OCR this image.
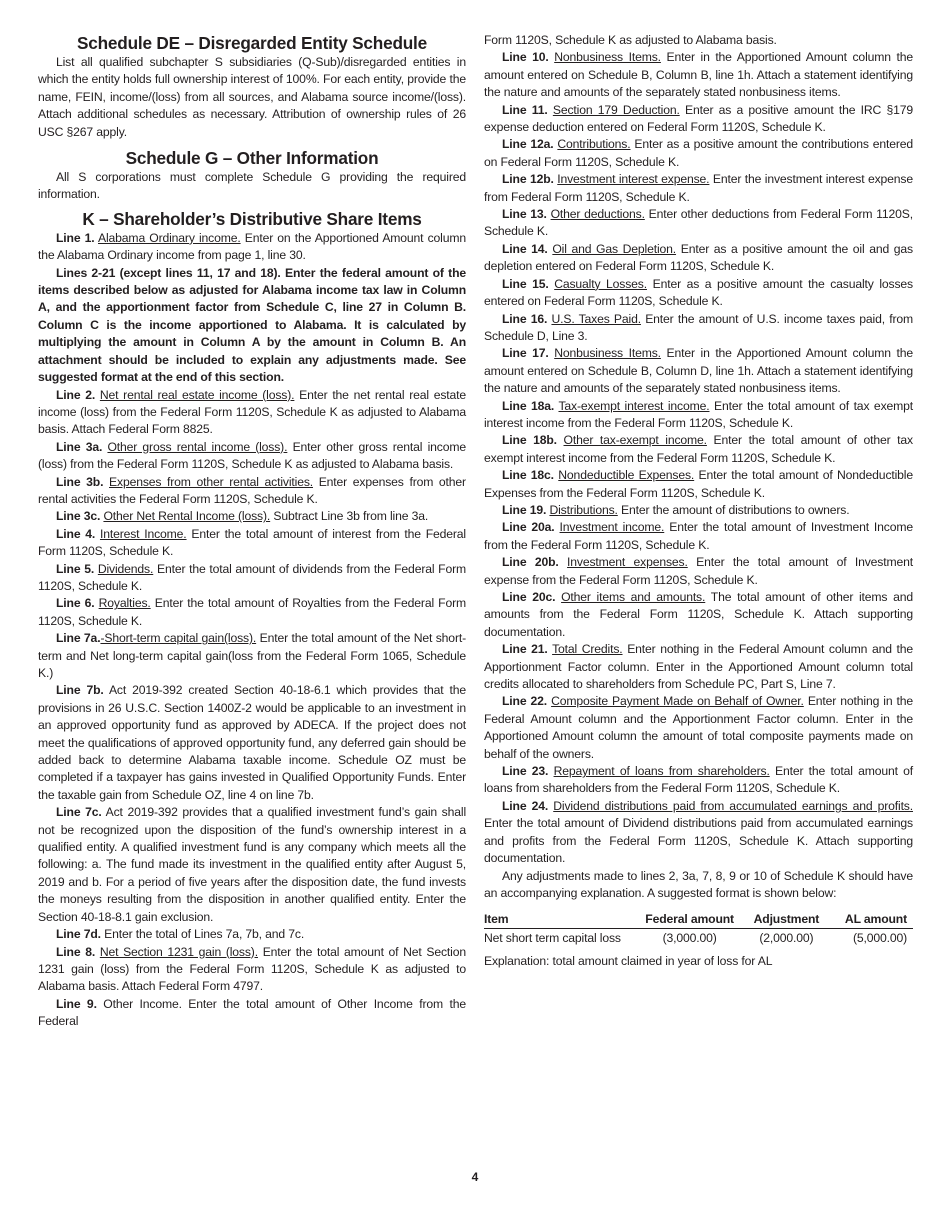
Schedule DE – Disregarded Entity Schedule

List all qualified subchapter S subsidiaries (Q-Sub)/disregarded entities in which the entity holds full ownership interest of 100%. For each entity, provide the name, FEIN, income/(loss) from all sources, and Alabama source income/(loss). Attach additional schedules as necessary. Attribution of ownership rules of 26 USC §267 apply.

Schedule G – Other Information

All S corporations must complete Schedule G providing the required information.

K – Shareholder’s Distributive Share Items

Line 1. Alabama Ordinary income. Enter on the Apportioned Amount column the Alabama Ordinary income from page 1, line 30.

Lines 2-21 (except lines 11, 17 and 18). Enter the federal amount of the items described below as adjusted for Alabama income tax law in Column A, and the apportionment factor from Schedule C, line 27 in Column B. Column C is the income apportioned to Alabama. It is calculated by multiplying the amount in Column A by the amount in Column B. An attachment should be included to explain any adjustments made. See suggested format at the end of this section.

Line 2. Net rental real estate income (loss). Enter the net rental real estate income (loss) from the Federal Form 1120S, Schedule K as adjusted to Alabama basis. Attach Federal Form 8825.

Line 3a. Other gross rental income (loss). Enter other gross rental income (loss) from the Federal Form 1120S, Schedule K as adjusted to Alabama basis.

Line 3b. Expenses from other rental activities. Enter expenses from other rental activities the Federal Form 1120S, Schedule K.

Line 3c. Other Net Rental Income (loss). Subtract Line 3b from line 3a.

Line 4. Interest Income. Enter the total amount of interest from the Federal Form 1120S, Schedule K.

Line 5. Dividends. Enter the total amount of dividends from the Federal Form 1120S, Schedule K.

Line 6. Royalties. Enter the total amount of Royalties from the Federal Form 1120S, Schedule K.

Line 7a.-Short-term capital gain(loss). Enter the total amount of the Net short-term and Net long-term capital gain(loss from the Federal Form 1065, Schedule K.)

Line 7b. Act 2019-392 created Section 40-18-6.1 which provides that the provisions in 26 U.S.C. Section 1400Z-2 would be applicable to an investment in an approved opportunity fund as approved by ADECA. If the project does not meet the qualifications of approved opportunity fund, any deferred gain should be added back to determine Alabama taxable income. Schedule OZ must be completed if a taxpayer has gains invested in Qualified Opportunity Funds. Enter the taxable gain from Schedule OZ, line 4 on line 7b.

Line 7c. Act 2019-392 provides that a qualified investment fund’s gain shall not be recognized upon the disposition of the fund’s ownership interest in a qualified entity. A qualified investment fund is any company which meets all the following: a. The fund made its investment in the qualified entity after August 5, 2019 and b. For a period of five years after the disposition date, the fund invests the moneys resulting from the disposition in another qualified entity. Enter the Section 40-18-8.1 gain exclusion.

Line 7d. Enter the total of Lines 7a, 7b, and 7c.

Line 8. Net Section 1231 gain (loss). Enter the total amount of Net Section 1231 gain (loss) from the Federal Form 1120S, Schedule K as adjusted to Alabama basis. Attach Federal Form 4797.

Line 9. Other Income. Enter the total amount of Other Income from the Federal

Form 1120S, Schedule K as adjusted to Alabama basis.

Line 10. Nonbusiness Items. Enter in the Apportioned Amount column the amount entered on Schedule B, Column B, line 1h. Attach a statement identifying the nature and amounts of the separately stated nonbusiness items.

Line 11. Section 179 Deduction. Enter as a positive amount the IRC §179 expense deduction entered on Federal Form 1120S, Schedule K.

Line 12a. Contributions. Enter as a positive amount the contributions entered on Federal Form 1120S, Schedule K.

Line 12b. Investment interest expense. Enter the investment interest expense from Federal Form 1120S, Schedule K.

Line 13. Other deductions. Enter other deductions from Federal Form 1120S, Schedule K.

Line 14. Oil and Gas Depletion. Enter as a positive amount the oil and gas depletion entered on Federal Form 1120S, Schedule K.

Line 15. Casualty Losses. Enter as a positive amount the casualty losses entered on Federal Form 1120S, Schedule K.

Line 16. U.S. Taxes Paid. Enter the amount of U.S. income taxes paid, from Schedule D, Line 3.

Line 17. Nonbusiness Items. Enter in the Apportioned Amount column the amount entered on Schedule B, Column D, line 1h. Attach a statement identifying the nature and amounts of the separately stated nonbusiness items.

Line 18a. Tax-exempt interest income. Enter the total amount of tax exempt interest income from the Federal Form 1120S, Schedule K.

Line 18b. Other tax-exempt income. Enter the total amount of other tax exempt interest income from the Federal Form 1120S, Schedule K.

Line 18c. Nondeductible Expenses. Enter the total amount of Nondeductible Expenses from the Federal Form 1120S, Schedule K.

Line 19. Distributions. Enter the amount of distributions to owners.

Line 20a. Investment income. Enter the total amount of Investment Income from the Federal Form 1120S, Schedule K.

Line 20b. Investment expenses. Enter the total amount of Investment expense from the Federal Form 1120S, Schedule K.

Line 20c. Other items and amounts. The total amount of other items and amounts from the Federal Form 1120S, Schedule K. Attach supporting documentation.

Line 21. Total Credits. Enter nothing in the Federal Amount column and the Apportionment Factor column. Enter in the Apportioned Amount column total credits allocated to shareholders from Schedule PC, Part S, Line 7.

Line 22. Composite Payment Made on Behalf of Owner. Enter nothing in the Federal Amount column and the Apportionment Factor column. Enter in the Apportioned Amount column the amount of total composite payments made on behalf of the owners.

Line 23. Repayment of loans from shareholders. Enter the total amount of loans from shareholders from the Federal Form 1120S, Schedule K.

Line 24. Dividend distributions paid from accumulated earnings and profits. Enter the total amount of Dividend distributions paid from accumulated earnings and profits from the Federal Form 1120S, Schedule K. Attach supporting documentation.

Any adjustments made to lines 2, 3a, 7, 8, 9 or 10 of Schedule K should have an accompanying explanation. A suggested format is shown below:

Item	Federal amount	Adjustment	AL amount
Net short term capital loss	(3,000.00)	(2,000.00)	(5,000.00)

Explanation: total amount claimed in year of loss for AL

4
